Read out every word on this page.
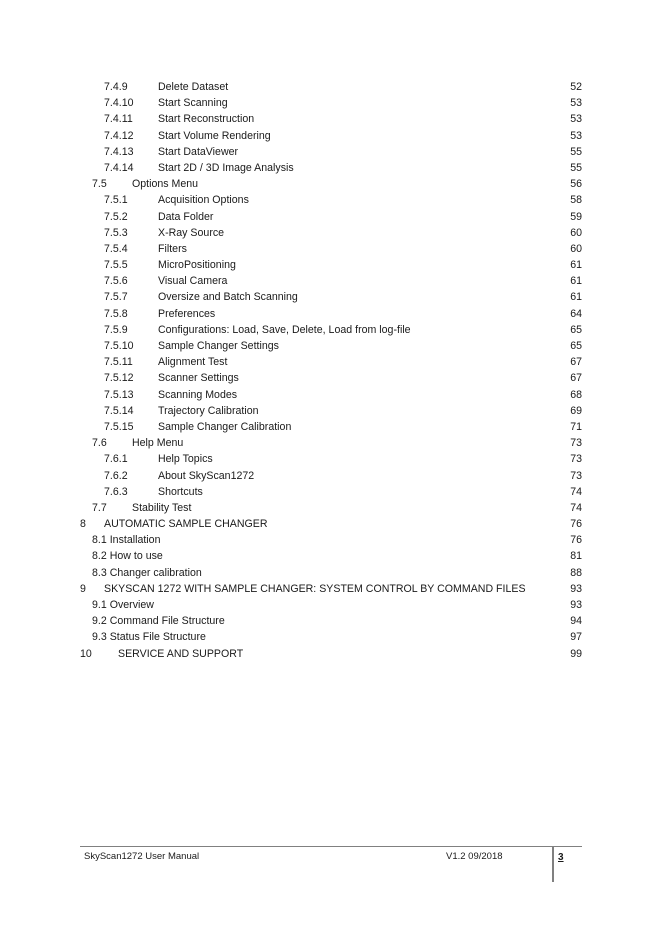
7.4.9	Delete Dataset	52
7.4.10 Start Scanning	53
7.4.11 Start Reconstruction	53
7.4.12 Start Volume Rendering	53
7.4.13 Start DataViewer	55
7.4.14 Start 2D / 3D Image Analysis	55
7.5 Options Menu	56
7.5.1	Acquisition Options	58
7.5.2	Data Folder	59
7.5.3	X-Ray Source	60
7.5.4	Filters	60
7.5.5	MicroPositioning	61
7.5.6	Visual Camera	61
7.5.7	Oversize and Batch Scanning	61
7.5.8	Preferences	64
7.5.9	Configurations: Load, Save, Delete, Load from log-file	65
7.5.10 Sample Changer Settings	65
7.5.11 Alignment Test	67
7.5.12 Scanner Settings	67
7.5.13 Scanning Modes	68
7.5.14 Trajectory Calibration	69
7.5.15 Sample Changer Calibration	71
7.6 Help Menu	73
7.6.1	Help Topics	73
7.6.2	About SkyScan1272	73
7.6.3	Shortcuts	74
7.7 Stability Test	74
8 AUTOMATIC SAMPLE CHANGER	76
8.1 Installation	76
8.2 How to use	81
8.3 Changer calibration	88
9 SKYSCAN 1272 WITH SAMPLE CHANGER: SYSTEM CONTROL BY COMMAND FILES	93
9.1 Overview	93
9.2 Command File Structure	94
9.3 Status File Structure	97
10 SERVICE AND SUPPORT	99
SkyScan1272 User Manual	V1.2 09/2018	3
